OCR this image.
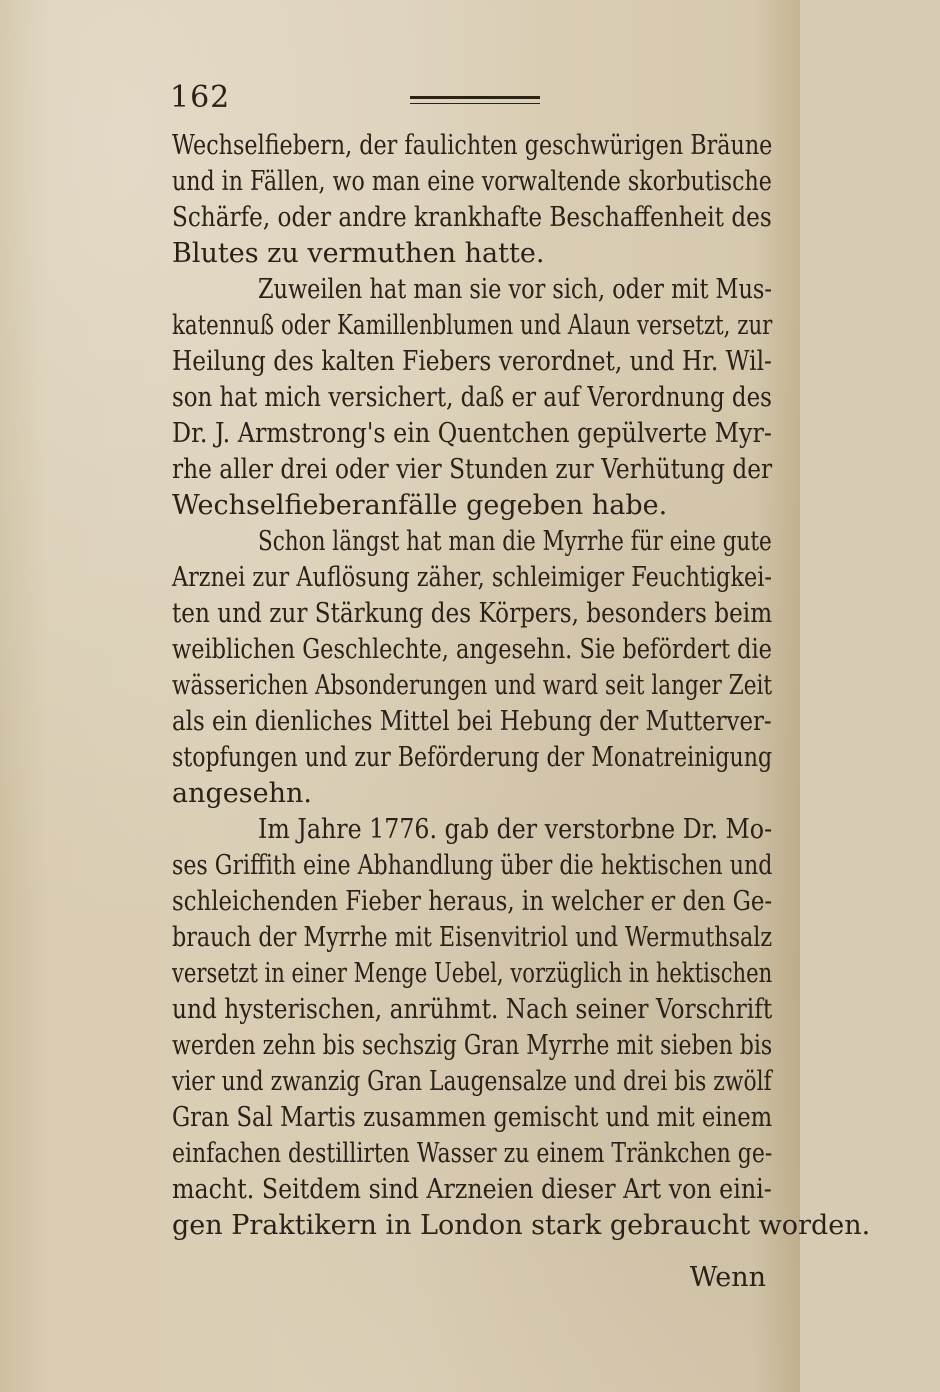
162
Wechselfiebern, der faulichten geschwürigen Bräune
und in Fällen, wo man eine vorwaltende skorbutische
Schärfe, oder andre krankhafte Beschaffenheit des
Blutes zu vermuthen hatte.
Zuweilen hat man sie vor sich, oder mit Mus-
katennuß oder Kamillenblumen und Alaun versetzt, zur
Heilung des kalten Fiebers verordnet, und Hr. Wil-
son hat mich versichert, daß er auf Verordnung des
Dr. J. Armstrong's ein Quentchen gepülverte Myr-
rhe aller drei oder vier Stunden zur Verhütung der
Wechselfieberanfälle gegeben habe.
Schon längst hat man die Myrrhe für eine gute
Arznei zur Auflösung zäher, schleimiger Feuchtigkei-
ten und zur Stärkung des Körpers, besonders beim
weiblichen Geschlechte, angesehn. Sie befördert die
wässerichen Absonderungen und ward seit langer Zeit
als ein dienliches Mittel bei Hebung der Mutterver-
stopfungen und zur Beförderung der Monatreinigung
angesehn.
Im Jahre 1776. gab der verstorbne Dr. Mo-
ses Griffith eine Abhandlung über die hektischen und
schleichenden Fieber heraus, in welcher er den Ge-
brauch der Myrrhe mit Eisenvitriol und Wermuthsalz
versetzt in einer Menge Uebel, vorzüglich in hektischen
und hysterischen, anrühmt. Nach seiner Vorschrift
werden zehn bis sechszig Gran Myrrhe mit sieben bis
vier und zwanzig Gran Laugensalze und drei bis zwölf
Gran Sal Martis zusammen gemischt und mit einem
einfachen destillirten Wasser zu einem Tränkchen ge-
macht. Seitdem sind Arzneien dieser Art von eini-
gen Praktikern in London stark gebraucht worden.
Wenn
